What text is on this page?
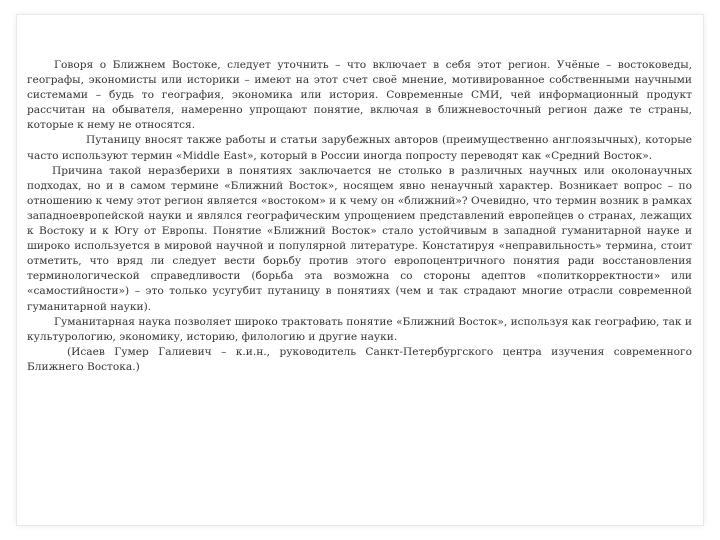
Говоря о Ближнем Востоке, следует уточнить – что включает в себя этот регион. Учёные – востоковеды, географы, экономисты или историки – имеют на этот счет своё мнение, мотивированное собственными научными системами – будь то география, экономика или история. Современные СМИ, чей информационный продукт рассчитан на обывателя, намеренно упрощают понятие, включая в ближневосточный регион даже те страны, которые к нему не относятся.

Путаницу вносят также работы и статьи зарубежных авторов (преимущественно англоязычных), которые часто используют термин «Middle East», который в России иногда попросту переводят как «Средний Восток».

Причина такой неразберихи в понятиях заключается не столько в различных научных или околонаучных подходах, но и в самом термине «Ближний Восток», носящем явно ненаучный характер. Возникает вопрос – по отношению к чему этот регион является «востоком» и к чему он «ближний»? Очевидно, что термин возник в рамках западноевропейской науки и являлся географическим упрощением представлений европейцев о странах, лежащих к Востоку и к Югу от Европы. Понятие «Ближний Восток» стало устойчивым в западной гуманитарной науке и широко используется в мировой научной и популярной литературе. Констатируя «неправильность» термина, стоит отметить, что вряд ли следует вести борьбу против этого европоцентричного понятия ради восстановления терминологической справедливости (борьба эта возможна со стороны адептов «политкорректности» или «самостийности») – это только усугубит путаницу в понятиях (чем и так страдают многие отрасли современной гуманитарной науки).

Гуманитарная наука позволяет широко трактовать понятие «Ближний Восток», используя как географию, так и культурологию, экономику, историю, филологию и другие науки.

(Исаев Гумер Галиевич – к.и.н., руководитель Санкт-Петербургского центра изучения современного Ближнего Востока.)
